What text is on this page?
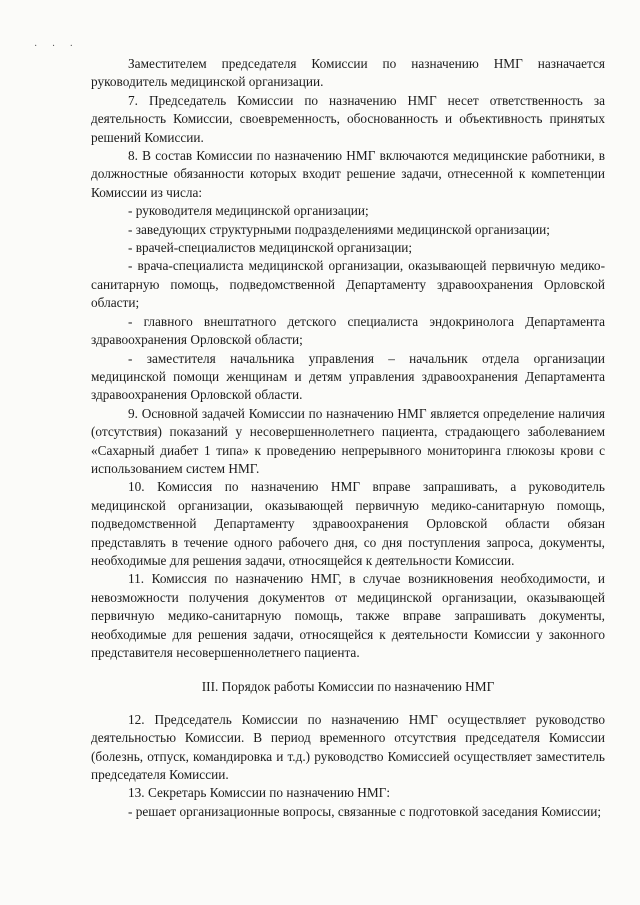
· · ·

Заместителем председателя Комиссии по назначению НМГ назначается руководитель медицинской организации.

7. Председатель Комиссии по назначению НМГ несет ответственность за деятельность Комиссии, своевременность, обоснованность и объективность принятых решений Комиссии.

8. В состав Комиссии по назначению НМГ включаются медицинские работники, в должностные обязанности которых входит решение задачи, отнесенной к компетенции Комиссии из числа:

- руководителя медицинской организации;

- заведующих структурными подразделениями медицинской организации;

- врачей-специалистов медицинской организации;

- врача-специалиста медицинской организации, оказывающей первичную медико-санитарную помощь, подведомственной Департаменту здравоохранения Орловской области;

- главного внештатного детского специалиста эндокринолога Департамента здравоохранения Орловской области;

- заместителя начальника управления – начальник отдела организации медицинской помощи женщинам и детям управления здравоохранения Департамента здравоохранения Орловской области.

9. Основной задачей Комиссии по назначению НМГ является определение наличия (отсутствия) показаний у несовершеннолетнего пациента, страдающего заболеванием «Сахарный диабет 1 типа» к проведению непрерывного мониторинга глюкозы крови с использованием систем НМГ.

10. Комиссия по назначению НМГ вправе запрашивать, а руководитель медицинской организации, оказывающей первичную медико-санитарную помощь, подведомственной Департаменту здравоохранения Орловской области обязан представлять в течение одного рабочего дня, со дня поступления запроса, документы, необходимые для решения задачи, относящейся к деятельности Комиссии.

11. Комиссия по назначению НМГ, в случае возникновения необходимости, и невозможности получения документов от медицинской организации, оказывающей первичную медико-санитарную помощь, также вправе запрашивать документы, необходимые для решения задачи, относящейся к деятельности Комиссии у законного представителя несовершеннолетнего пациента.

III. Порядок работы Комиссии по назначению НМГ

12. Председатель Комиссии по назначению НМГ осуществляет руководство деятельностью Комиссии. В период временного отсутствия председателя Комиссии (болезнь, отпуск, командировка и т.д.) руководство Комиссией осуществляет заместитель председателя Комиссии.

13. Секретарь Комиссии по назначению НМГ:

- решает организационные вопросы, связанные с подготовкой заседания Комиссии;
